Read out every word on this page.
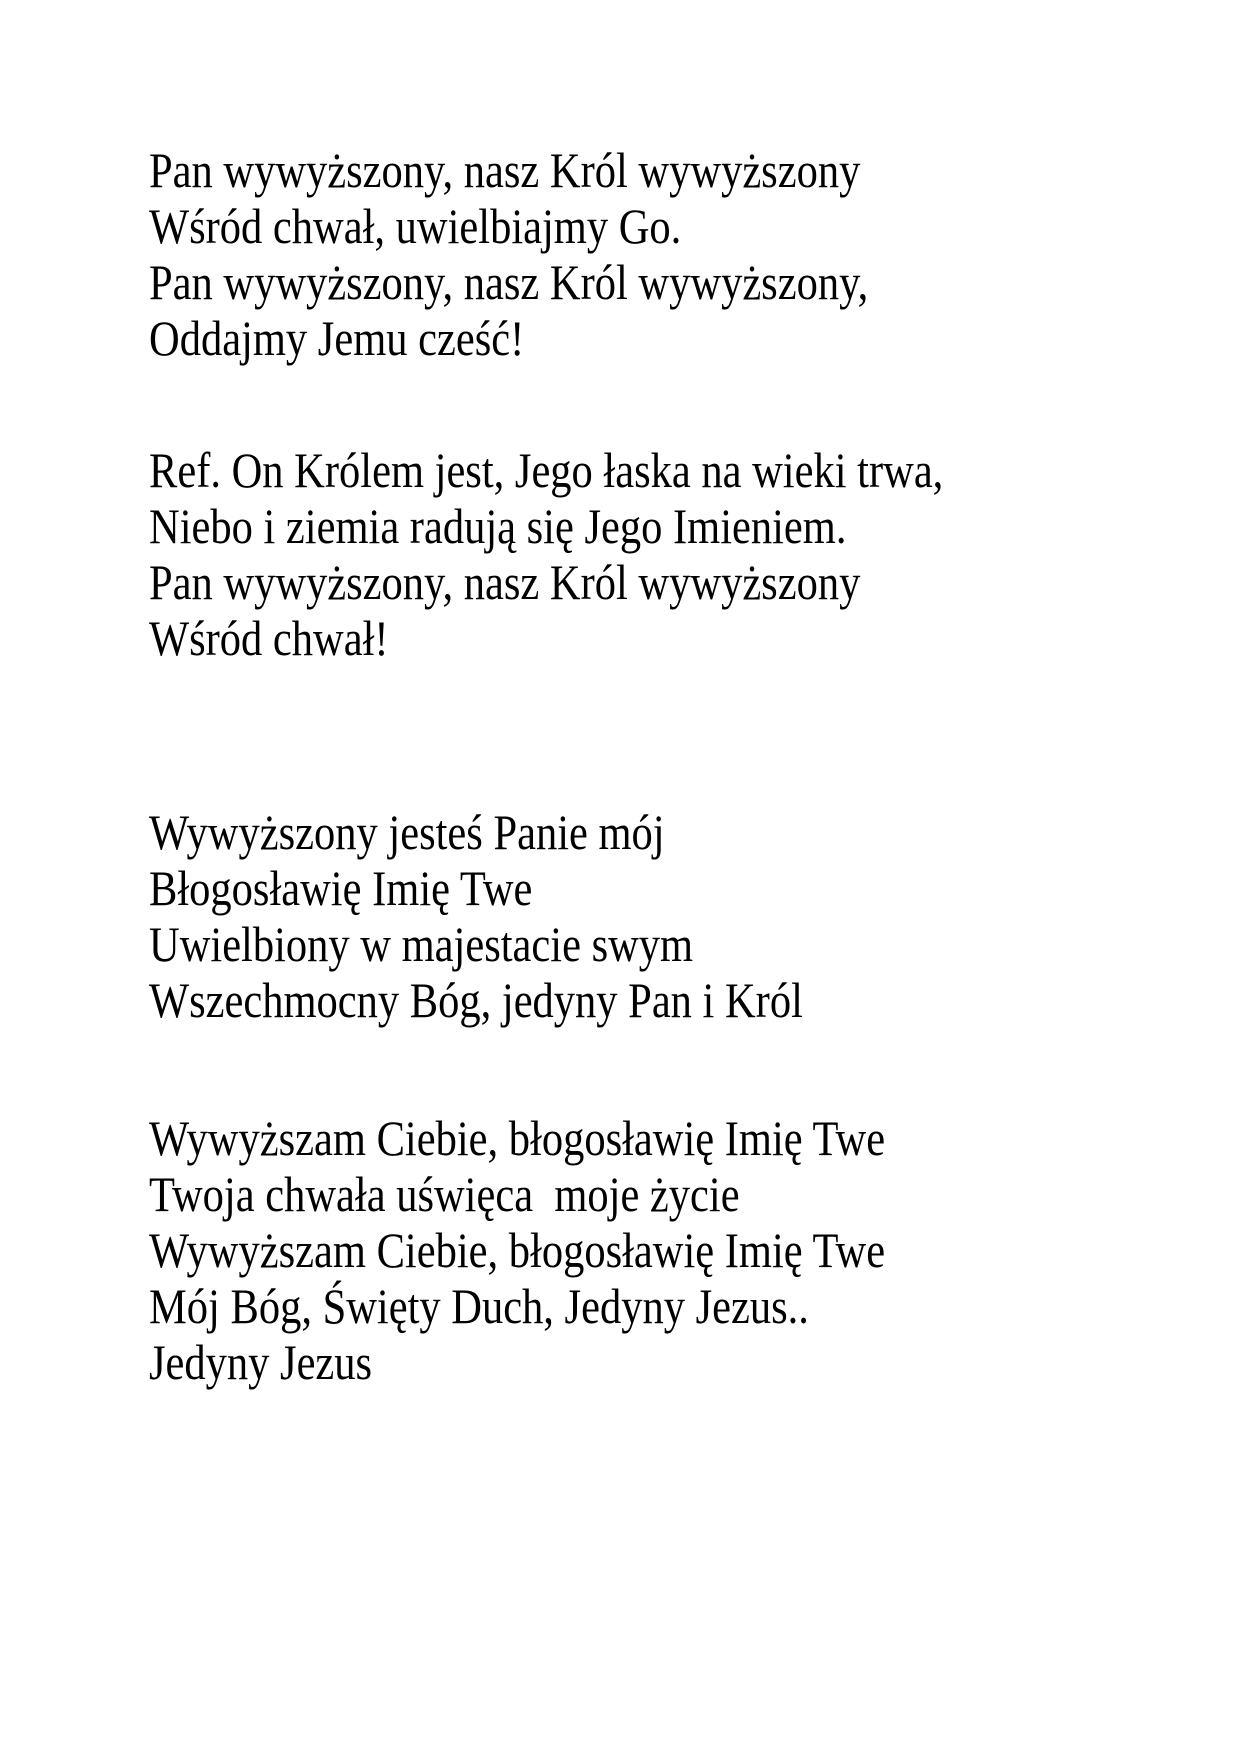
Pan wywyższony, nasz Król wywyższony
Wśród chwał, uwielbiajmy Go.
Pan wywyższony, nasz Król wywyższony,
Oddajmy Jemu cześć!
Ref. On Królem jest, Jego łaska na wieki trwa,
Niebo i ziemia radują się Jego Imieniem.
Pan wywyższony, nasz Król wywyższony
Wśród chwał!
Wywyższony jesteś Panie mój
Błogosławię Imię Twe
Uwielbiony w majestacie swym
Wszechmocny Bóg, jedyny Pan i Król
Wywyższam Ciebie, błogosławię Imię Twe
Twoja chwała uświęca  moje życie
Wywyższam Ciebie, błogosławię Imię Twe
Mój Bóg, Święty Duch, Jedyny Jezus..
Jedyny Jezus
